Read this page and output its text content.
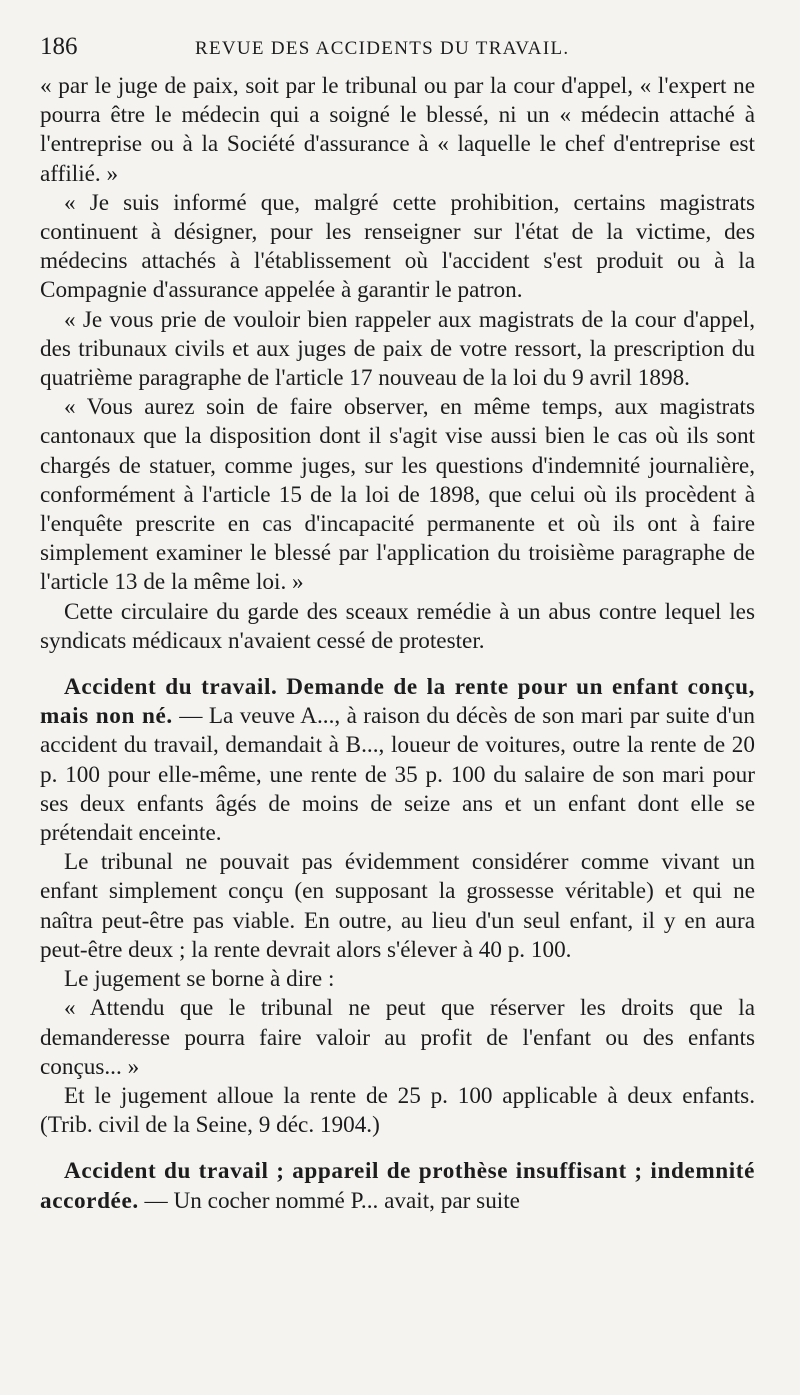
186	REVUE DES ACCIDENTS DU TRAVAIL.

« par le juge de paix, soit par le tribunal ou par la cour d'appel, « l'expert ne pourra être le médecin qui a soigné le blessé, ni un « médecin attaché à l'entreprise ou à la Société d'assurance à « laquelle le chef d'entreprise est affilié. »

« Je suis informé que, malgré cette prohibition, certains magistrats continuent à désigner, pour les renseigner sur l'état de la victime, des médecins attachés à l'établissement où l'accident s'est produit ou à la Compagnie d'assurance appelée à garantir le patron.

« Je vous prie de vouloir bien rappeler aux magistrats de la cour d'appel, des tribunaux civils et aux juges de paix de votre ressort, la prescription du quatrième paragraphe de l'article 17 nouveau de la loi du 9 avril 1898.

« Vous aurez soin de faire observer, en même temps, aux magistrats cantonaux que la disposition dont il s'agit vise aussi bien le cas où ils sont chargés de statuer, comme juges, sur les questions d'indemnité journalière, conformément à l'article 15 de la loi de 1898, que celui où ils procèdent à l'enquête prescrite en cas d'incapacité permanente et où ils ont à faire simplement examiner le blessé par l'application du troisième paragraphe de l'article 13 de la même loi. »

Cette circulaire du garde des sceaux remédie à un abus contre lequel les syndicats médicaux n'avaient cessé de protester.

Accident du travail. Demande de la rente pour un enfant conçu, mais non né. — La veuve A..., à raison du décès de son mari par suite d'un accident du travail, demandait à B..., loueur de voitures, outre la rente de 20 p. 100 pour elle-même, une rente de 35 p. 100 du salaire de son mari pour ses deux enfants âgés de moins de seize ans et un enfant dont elle se prétendait enceinte.

Le tribunal ne pouvait pas évidemment considérer comme vivant un enfant simplement conçu (en supposant la grossesse véritable) et qui ne naîtra peut-être pas viable. En outre, au lieu d'un seul enfant, il y en aura peut-être deux ; la rente devrait alors s'élever à 40 p. 100.

Le jugement se borne à dire :

« Attendu que le tribunal ne peut que réserver les droits que la demanderesse pourra faire valoir au profit de l'enfant ou des enfants conçus... »

Et le jugement alloue la rente de 25 p. 100 applicable à deux enfants. (Trib. civil de la Seine, 9 déc. 1904.)

Accident du travail ; appareil de prothèse insuffisant ; indemnité accordée. — Un cocher nommé P... avait, par suite
